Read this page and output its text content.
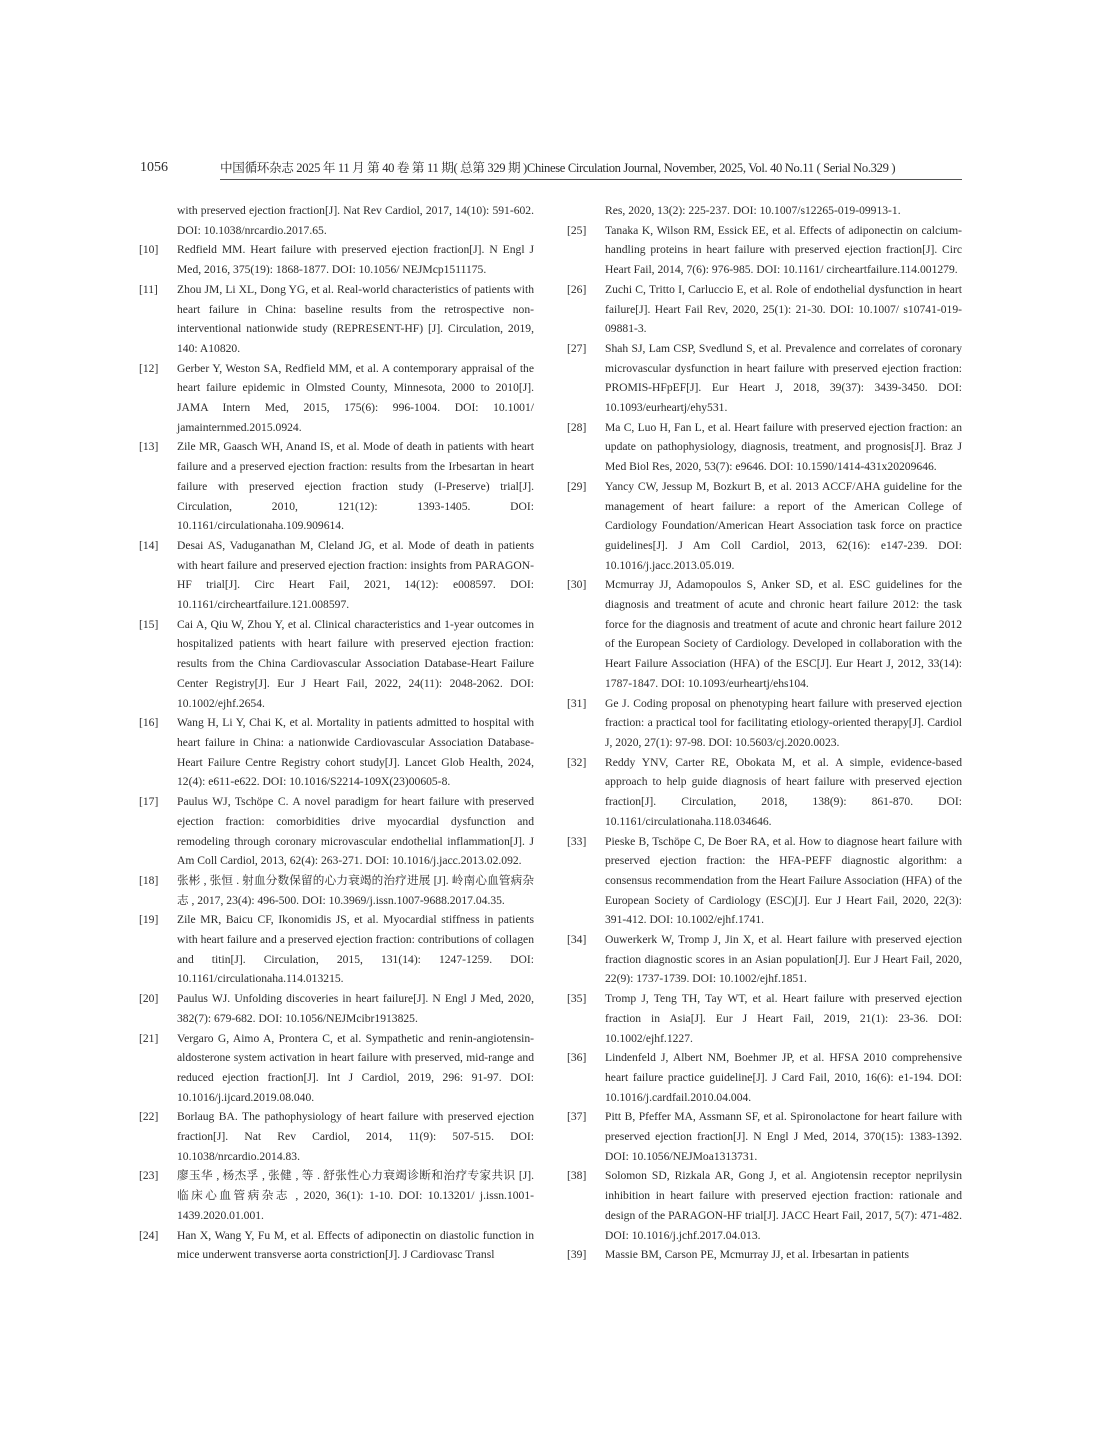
1056	中国循环杂志 2025 年 11 月 第 40 卷 第 11 期( 总第 329 期 )Chinese Circulation Journal, November, 2025, Vol. 40 No.11 ( Serial No.329 )
with preserved ejection fraction[J]. Nat Rev Cardiol, 2017, 14(10): 591-602. DOI: 10.1038/nrcardio.2017.65.
[10] Redfield MM. Heart failure with preserved ejection fraction[J]. N Engl J Med, 2016, 375(19): 1868-1877. DOI: 10.1056/ NEJMcp1511175.
[11] Zhou JM, Li XL, Dong YG, et al. Real-world characteristics of patients with heart failure in China: baseline results from the retrospective non-interventional nationwide study (REPRESENT-HF) [J]. Circulation, 2019, 140: A10820.
[12] Gerber Y, Weston SA, Redfield MM, et al. A contemporary appraisal of the heart failure epidemic in Olmsted County, Minnesota, 2000 to 2010[J]. JAMA Intern Med, 2015, 175(6): 996-1004. DOI: 10.1001/ jamainternmed.2015.0924.
[13] Zile MR, Gaasch WH, Anand IS, et al. Mode of death in patients with heart failure and a preserved ejection fraction: results from the Irbesartan in heart failure with preserved ejection fraction study (I-Preserve) trial[J]. Circulation, 2010, 121(12): 1393-1405. DOI: 10.1161/circulationaha.109.909614.
[14] Desai AS, Vaduganathan M, Cleland JG, et al. Mode of death in patients with heart failure and preserved ejection fraction: insights from PARAGON-HF trial[J]. Circ Heart Fail, 2021, 14(12): e008597. DOI: 10.1161/circheartfailure.121.008597.
[15] Cai A, Qiu W, Zhou Y, et al. Clinical characteristics and 1-year outcomes in hospitalized patients with heart failure with preserved ejection fraction: results from the China Cardiovascular Association Database-Heart Failure Center Registry[J]. Eur J Heart Fail, 2022, 24(11): 2048-2062. DOI: 10.1002/ejhf.2654.
[16] Wang H, Li Y, Chai K, et al. Mortality in patients admitted to hospital with heart failure in China: a nationwide Cardiovascular Association Database-Heart Failure Centre Registry cohort study[J]. Lancet Glob Health, 2024, 12(4): e611-e622. DOI: 10.1016/S2214-109X(23)00605-8.
[17] Paulus WJ, Tschöpe C. A novel paradigm for heart failure with preserved ejection fraction: comorbidities drive myocardial dysfunction and remodeling through coronary microvascular endothelial inflammation[J]. J Am Coll Cardiol, 2013, 62(4): 263-271. DOI: 10.1016/j.jacc.2013.02.092.
[18] 张彬 , 张恒 . 射血分数保留的心力衰竭的治疗进展 [J]. 岭南心血管病杂志 , 2017, 23(4): 496-500. DOI: 10.3969/j.issn.1007-9688.2017.04.35.
[19] Zile MR, Baicu CF, Ikonomidis JS, et al. Myocardial stiffness in patients with heart failure and a preserved ejection fraction: contributions of collagen and titin[J]. Circulation, 2015, 131(14): 1247-1259. DOI: 10.1161/circulationaha.114.013215.
[20] Paulus WJ. Unfolding discoveries in heart failure[J]. N Engl J Med, 2020, 382(7): 679-682. DOI: 10.1056/NEJMcibr1913825.
[21] Vergaro G, Aimo A, Prontera C, et al. Sympathetic and renin-angiotensin-aldosterone system activation in heart failure with preserved, mid-range and reduced ejection fraction[J]. Int J Cardiol, 2019, 296: 91-97. DOI: 10.1016/j.ijcard.2019.08.040.
[22] Borlaug BA. The pathophysiology of heart failure with preserved ejection fraction[J]. Nat Rev Cardiol, 2014, 11(9): 507-515. DOI: 10.1038/nrcardio.2014.83.
[23] 廖玉华 , 杨杰孚 , 张健 , 等 . 舒张性心力衰竭诊断和治疗专家共识 [J]. 临床心血管病杂志 , 2020, 36(1): 1-10. DOI: 10.13201/ j.issn.1001-1439.2020.01.001.
[24] Han X, Wang Y, Fu M, et al. Effects of adiponectin on diastolic function in mice underwent transverse aorta constriction[J]. J Cardiovasc Transl
Res, 2020, 13(2): 225-237. DOI: 10.1007/s12265-019-09913-1.
[25] Tanaka K, Wilson RM, Essick EE, et al. Effects of adiponectin on calcium-handling proteins in heart failure with preserved ejection fraction[J]. Circ Heart Fail, 2014, 7(6): 976-985. DOI: 10.1161/ circheartfailure.114.001279.
[26] Zuchi C, Tritto I, Carluccio E, et al. Role of endothelial dysfunction in heart failure[J]. Heart Fail Rev, 2020, 25(1): 21-30. DOI: 10.1007/ s10741-019-09881-3.
[27] Shah SJ, Lam CSP, Svedlund S, et al. Prevalence and correlates of coronary microvascular dysfunction in heart failure with preserved ejection fraction: PROMIS-HFpEF[J]. Eur Heart J, 2018, 39(37): 3439-3450. DOI: 10.1093/eurheartj/ehy531.
[28] Ma C, Luo H, Fan L, et al. Heart failure with preserved ejection fraction: an update on pathophysiology, diagnosis, treatment, and prognosis[J]. Braz J Med Biol Res, 2020, 53(7): e9646. DOI: 10.1590/1414-431x20209646.
[29] Yancy CW, Jessup M, Bozkurt B, et al. 2013 ACCF/AHA guideline for the management of heart failure: a report of the American College of Cardiology Foundation/American Heart Association task force on practice guidelines[J]. J Am Coll Cardiol, 2013, 62(16): e147-239. DOI: 10.1016/j.jacc.2013.05.019.
[30] Mcmurray JJ, Adamopoulos S, Anker SD, et al. ESC guidelines for the diagnosis and treatment of acute and chronic heart failure 2012: the task force for the diagnosis and treatment of acute and chronic heart failure 2012 of the European Society of Cardiology. Developed in collaboration with the Heart Failure Association (HFA) of the ESC[J]. Eur Heart J, 2012, 33(14): 1787-1847. DOI: 10.1093/eurheartj/ehs104.
[31] Ge J. Coding proposal on phenotyping heart failure with preserved ejection fraction: a practical tool for facilitating etiology-oriented therapy[J]. Cardiol J, 2020, 27(1): 97-98. DOI: 10.5603/cj.2020.0023.
[32] Reddy YNV, Carter RE, Obokata M, et al. A simple, evidence-based approach to help guide diagnosis of heart failure with preserved ejection fraction[J]. Circulation, 2018, 138(9): 861-870. DOI: 10.1161/circulationaha.118.034646.
[33] Pieske B, Tschöpe C, De Boer RA, et al. How to diagnose heart failure with preserved ejection fraction: the HFA-PEFF diagnostic algorithm: a consensus recommendation from the Heart Failure Association (HFA) of the European Society of Cardiology (ESC)[J]. Eur J Heart Fail, 2020, 22(3): 391-412. DOI: 10.1002/ejhf.1741.
[34] Ouwerkerk W, Tromp J, Jin X, et al. Heart failure with preserved ejection fraction diagnostic scores in an Asian population[J]. Eur J Heart Fail, 2020, 22(9): 1737-1739. DOI: 10.1002/ejhf.1851.
[35] Tromp J, Teng TH, Tay WT, et al. Heart failure with preserved ejection fraction in Asia[J]. Eur J Heart Fail, 2019, 21(1): 23-36. DOI: 10.1002/ejhf.1227.
[36] Lindenfeld J, Albert NM, Boehmer JP, et al. HFSA 2010 comprehensive heart failure practice guideline[J]. J Card Fail, 2010, 16(6): e1-194. DOI: 10.1016/j.cardfail.2010.04.004.
[37] Pitt B, Pfeffer MA, Assmann SF, et al. Spironolactone for heart failure with preserved ejection fraction[J]. N Engl J Med, 2014, 370(15): 1383-1392. DOI: 10.1056/NEJMoa1313731.
[38] Solomon SD, Rizkala AR, Gong J, et al. Angiotensin receptor neprilysin inhibition in heart failure with preserved ejection fraction: rationale and design of the PARAGON-HF trial[J]. JACC Heart Fail, 2017, 5(7): 471-482. DOI: 10.1016/j.jchf.2017.04.013.
[39] Massie BM, Carson PE, Mcmurray JJ, et al. Irbesartan in patients
